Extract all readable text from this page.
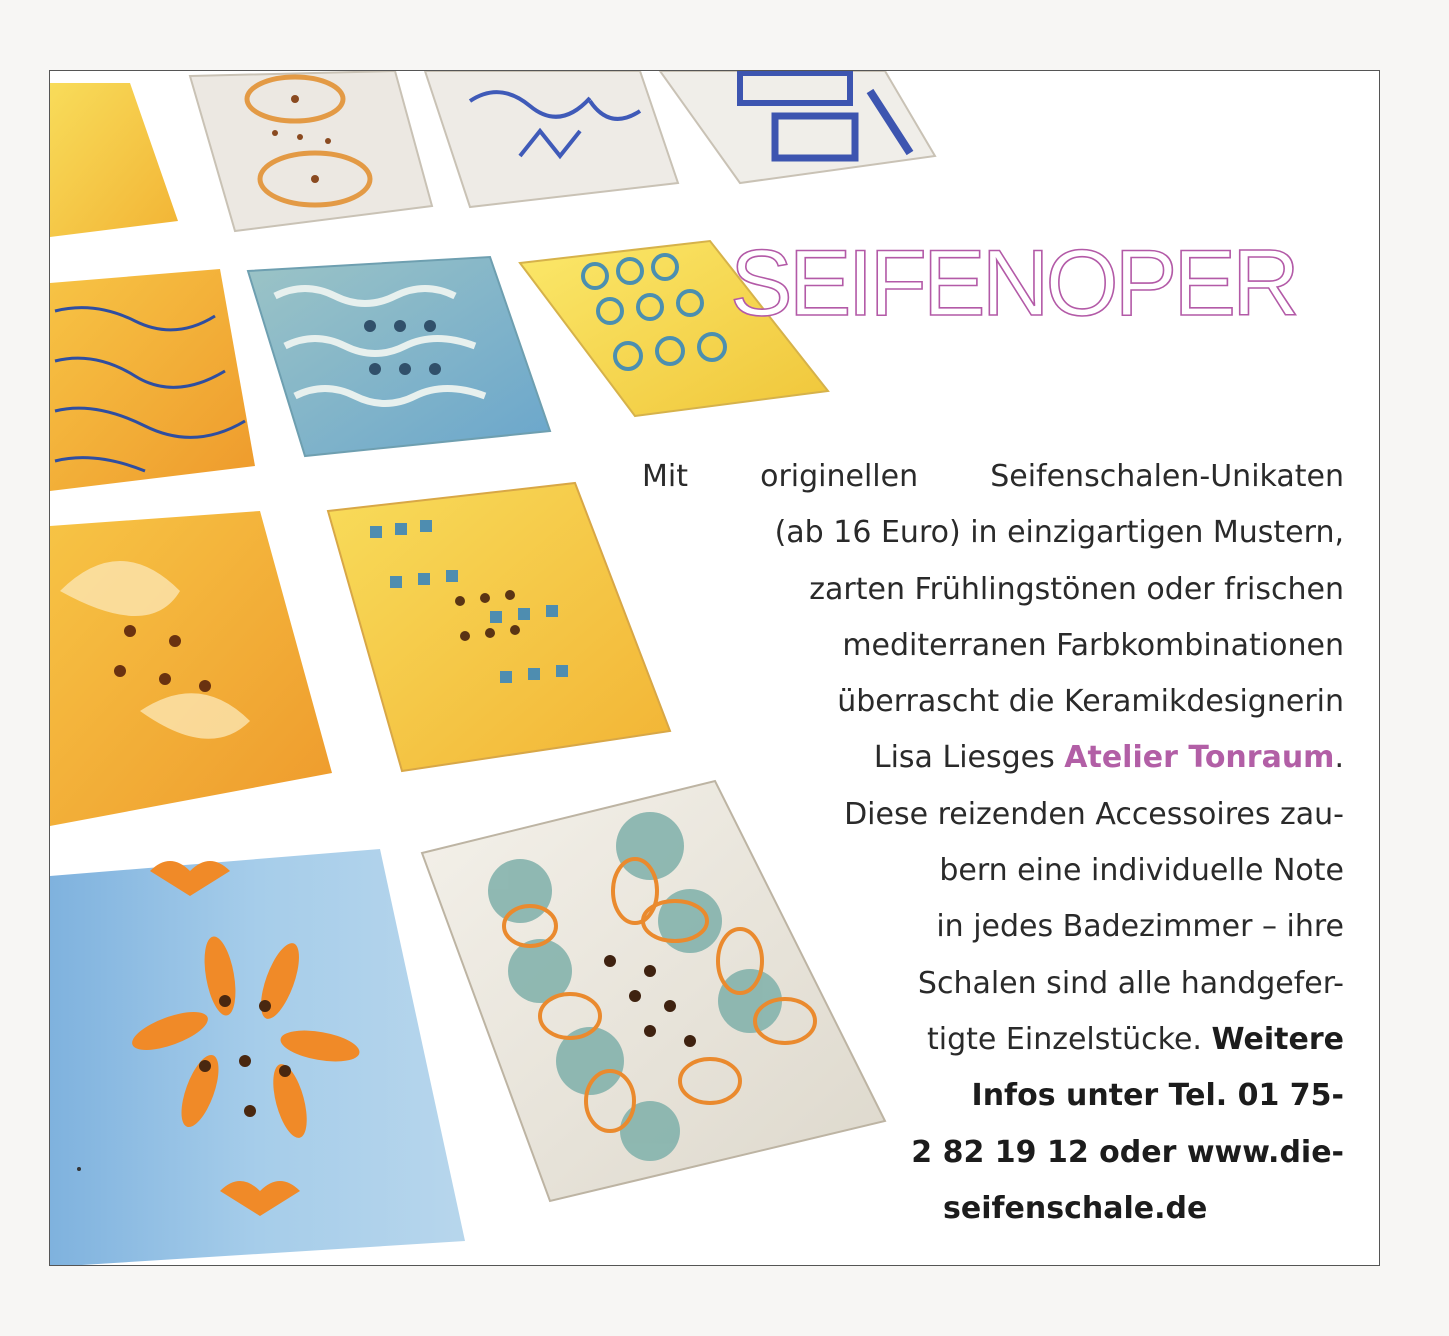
SEIFENOPER
Mit originellen Seifenschalen-Unikaten
(ab 16 Euro) in einzigartigen Mustern,
zarten Frühlingstönen oder frischen
mediterranen Farbkombinationen
überrascht die Keramikdesignerin
Lisa Liesges Atelier Tonraum.
Diese reizenden Accessoires zau-
bern eine individuelle Note
in jedes Badezimmer – ihre
Schalen sind alle handgefer-
tigte Einzelstücke. Weitere
Infos unter Tel. 01 75-
2 82 19 12 oder www.die-
seifenschale.de
